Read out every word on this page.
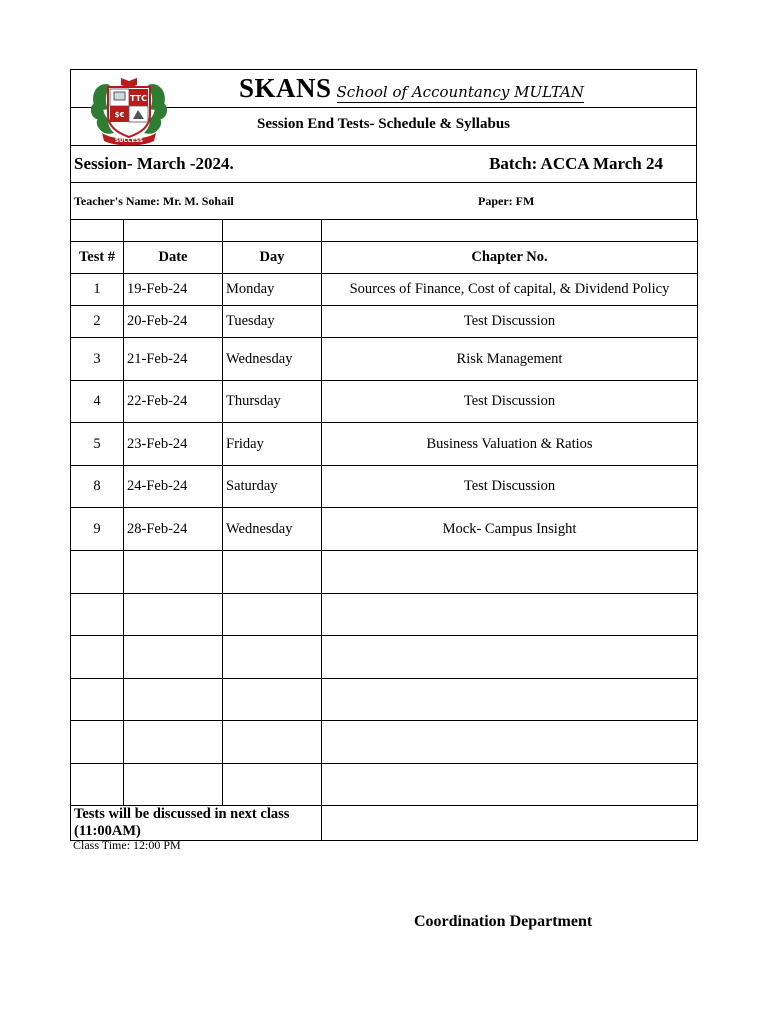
SKANS School of Accountancy MULTAN
Session End Tests- Schedule & Syllabus
Session- March -2024.	Batch: ACCA March 24
Teacher's Name: Mr. M. Sohail	Paper: FM

Test #	Date	Day	Chapter No.
1	19-Feb-24	Monday	Sources of Finance, Cost of capital, & Dividend Policy
2	20-Feb-24	Tuesday	Test Discussion
3	21-Feb-24	Wednesday	Risk Management
4	22-Feb-24	Thursday	Test Discussion
5	23-Feb-24	Friday	Business Valuation & Ratios
8	24-Feb-24	Saturday	Test Discussion
9	28-Feb-24	Wednesday	Mock- Campus Insight

Tests will be discussed in next class (11:00AM)			
TTC
$€
SUCCESS
Class Time: 12:00 PM
Coordination Department
